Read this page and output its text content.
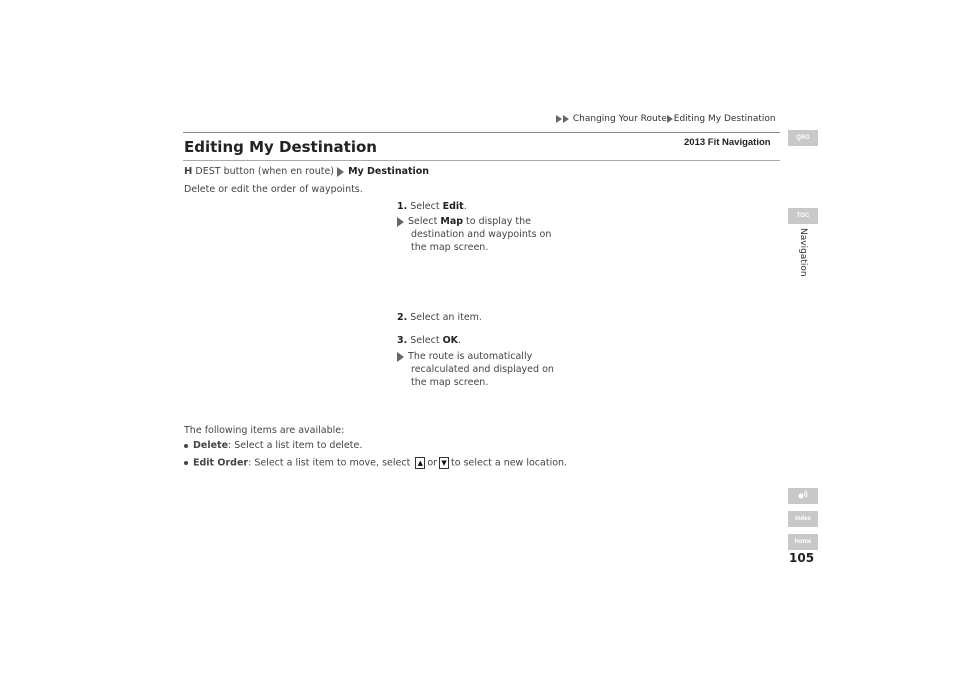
Changing Your Route Editing My Destination
2013 Fit Navigation
Editing My Destination
H DEST button (when en route) My Destination
Delete or edit the order of waypoints.
1. Select Edit.
Select Map to display the
destination and waypoints on
the map screen.
2. Select an item.
3. Select OK.
The route is automatically
recalculated and displayed on
the map screen.
The following items are available:
Delete: Select a list item to delete.
Edit Order: Select a list item to move, select ▲ or ▼ to select a new location.
QRG
TOC
Navigation
Index
Home
105
